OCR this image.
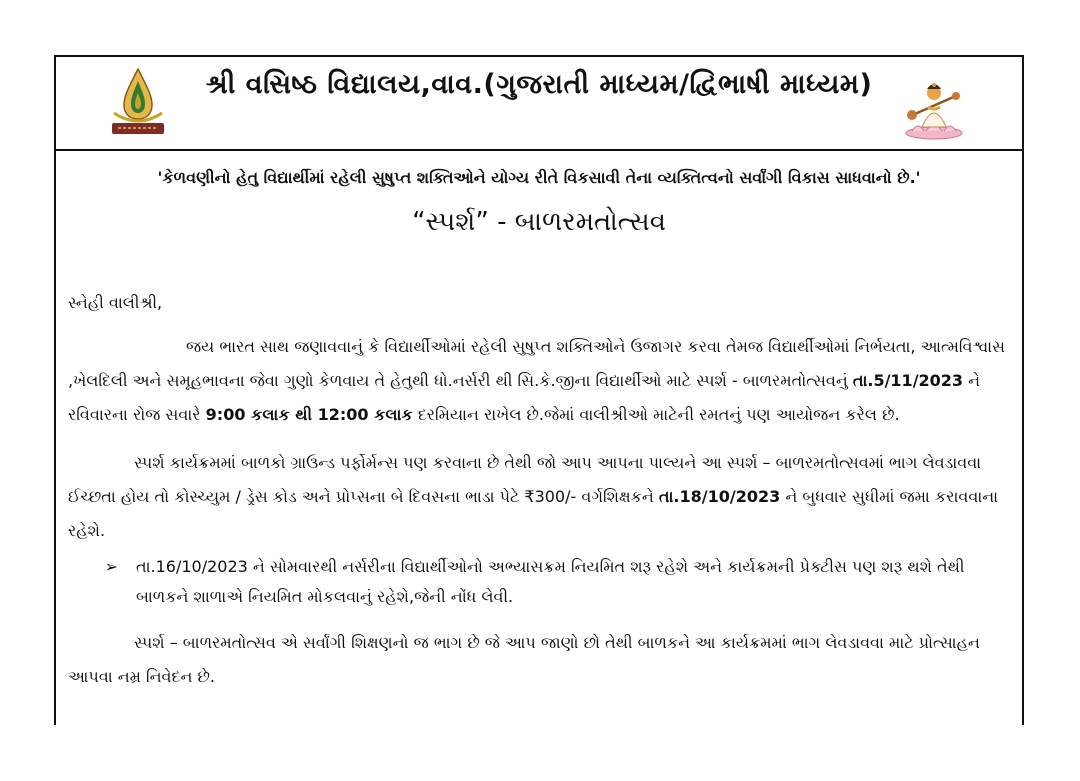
શ્રી વસિષ્ઠ વિદ્યાલય,વાવ.(ગુજરાતી માધ્યમ/દ્વિભાષી માધ્યમ)
'કેળવણીનો હેતુ વિદ્યાર્થીમાં રહેલી સુષુપ્ત શક્તિઓને યોગ્ય રીતે વિકસાવી તેના વ્યક્તિત્વનો સર્વાંગી વિકાસ સાધવાનો છે.'
“સ્પર્શ” - બાળરમતોત્સવ

સ્નેહી વાલીશ્રી,

જય ભારત સાથ જણાવવાનું કે વિદ્યાર્થીઓમાં રહેલી સુષુપ્ત શક્તિઓને ઉજાગર કરવા તેમજ વિદ્યાર્થીઓમાં નિર્ભયતા, આત્મવિશ્વાસ ,ખેલદિલી અને સમૂહભાવના જેવા ગુણો કેળવાય તે હેતુથી ધો.નર્સરી થી સિ.કે.જીના વિદ્યાર્થીઓ માટે સ્પર્શ - બાળરમતોત્સવનું તા.5/11/2023 ને રવિવારના રોજ સવારે 9:00 કલાક થી 12:00 કલાક દરમિયાન રાખેલ છે.જેમાં વાલીશ્રીઓ માટેની રમતનું પણ આયોજન કરેલ છે.

સ્પર્શ કાર્યક્રમમાં બાળકો ગ્રાઉન્ડ પર્ફોર્મન્સ પણ કરવાના છે તેથી જો આપ આપના પાલ્યને આ સ્પર્શ – બાળરમતોત્સવમાં ભાગ લેવડાવવા ઈચ્છતા હોય તો કોસ્ચ્યુમ / ડ્રેસ કોડ અને પ્રોપ્સના બે દિવસના ભાડા પેટે ₹300/- વર્ગશિક્ષકને તા.18/10/2023 ને બુધવાર સુધીમાં જમા કરાવવાના રહેશે.

➢	તા.16/10/2023 ને સોમવારથી નર્સરીના વિદ્યાર્થીઓનો અભ્યાસક્રમ નિયમિત શરૂ રહેશે અને કાર્યક્રમની પ્રેક્ટીસ પણ શરૂ થશે તેથી બાળકને શાળાએ નિયમિત મોકલવાનું રહેશે,જેની નોંધ લેવી.

સ્પર્શ – બાળરમતોત્સવ એ સર્વાંગી શિક્ષણનો જ ભાગ છે જે આપ જાણો છો તેથી બાળકને આ કાર્યક્રમમાં ભાગ લેવડાવવા માટે પ્રોત્સાહન આપવા નમ્ર નિવેદન છે.
